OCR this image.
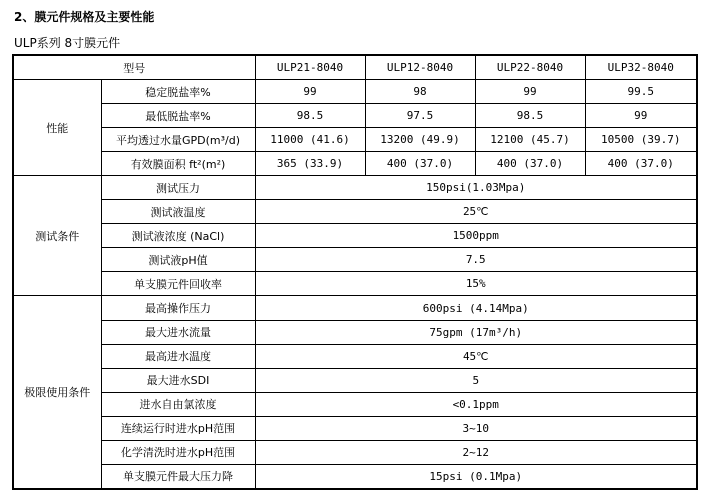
2、膜元件规格及主要性能
ULP系列 8寸膜元件
型号		ULP21-8040	ULP12-8040	ULP22-8040	ULP32-8040
性能	稳定脱盐率%	99	98	99	99.5
	最低脱盐率%	98.5	97.5	98.5	99
	平均透过水量GPD(m³/d)	11000 (41.6)	13200 (49.9)	12100 (45.7)	10500 (39.7)
	有效膜面积 ft²(m²)	365 (33.9)	400 (37.0)	400 (37.0)	400 (37.0)
测试条件	测试压力	150psi(1.03Mpa)			
	测试液温度	25℃			
	测试液浓度 (NaCl)	1500ppm			
	测试液pH值	7.5			
	单支膜元件回收率	15%			
极限使用条件	最高操作压力	600psi (4.14Mpa)			
	最大进水流量	75gpm (17m³/h)			
	最高进水温度	45℃			
	最大进水SDI	5			
	进水自由氯浓度	<0.1ppm			
	连续运行时进水pH范围	3~10			
	化学清洗时进水pH范围	2~12			
	单支膜元件最大压力降	15psi (0.1Mpa)			
